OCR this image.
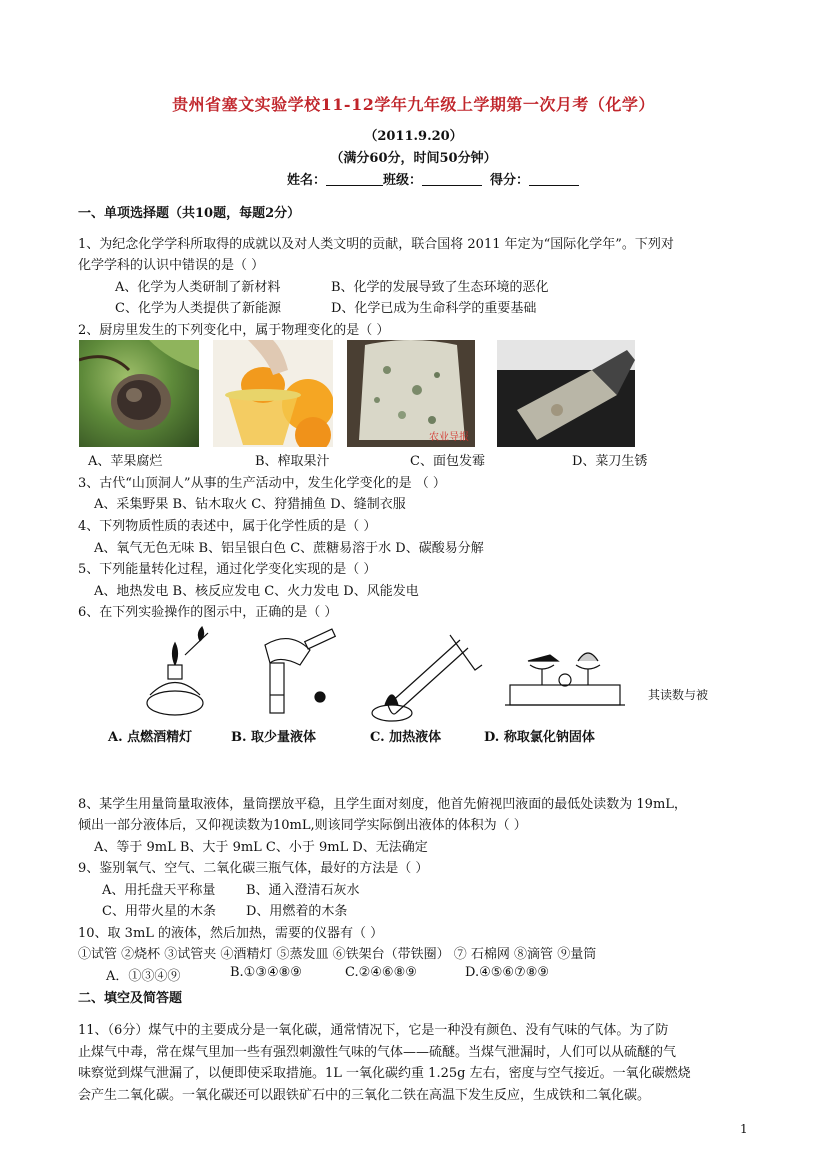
贵州省塞文实验学校11-12学年九年级上学期第一次月考（化学）
（2011.9.20）
（满分60分，时间50分钟）
姓名：	班级：	得分：
一、单项选择题（共10题，每题2分）
1、为纪念化学学科所取得的成就以及对人类文明的贡献，联合国将 2011 年定为“国际化学年”。下列对
化学学科的认识中错误的是（ ）
A、化学为人类研制了新材料	B、化学的发展导致了生态环境的恶化
C、化学为人类提供了新能源	D、化学已成为生命科学的重要基础
2、厨房里发生的下列变化中，属于物理变化的是（ ）
农业导报
A、苹果腐烂	B、榨取果汁	C、面包发霉	D、菜刀生锈
3、古代“山顶洞人”从事的生产活动中，发生化学变化的是 （ ）
A、采集野果 B、钻木取火 C、狩猎捕鱼 D、缝制衣服
4、下列物质性质的表述中，属于化学性质的是（ ）
A、氧气无色无味 B、铝呈银白色 C、蔗糖易溶于水 D、碳酸易分解
5、下列能量转化过程，通过化学变化实现的是（ ）
A、地热发电 B、核反应发电 C、火力发电 D、风能发电
6、在下列实验操作的图示中，正确的是（ ）
其读数与被
A. 点燃酒精灯	B. 取少量液体	C. 加热液体	D. 称取氯化钠固体
8、某学生用量筒量取液体，量筒摆放平稳，且学生面对刻度，他首先俯视凹液面的最低处读数为 19mL，
倾出一部分液体后，又仰视读数为10mL,则该同学实际倒出液体的体积为（ ）
A、等于 9mL B、大于 9mL C、小于 9mL D、无法确定
9、鉴别氧气、空气、二氧化碳三瓶气体，最好的方法是（ ）
A、用托盘天平称量 B、通入澄清石灰水
C、用带火星的木条 D、用燃着的木条
10、取 3mL 的液体，然后加热，需要的仪器有（ ）
①试管 ②烧杯 ③试管夹 ④酒精灯 ⑤蒸发皿 ⑥铁架台（带铁圈） ⑦ 石棉网 ⑧滴管 ⑨量筒
A．①③④⑨	B.①③④⑧⑨	C.②④⑥⑧⑨	D.④⑤⑥⑦⑧⑨
二、填空及简答题
11、（6分）煤气中的主要成分是一氧化碳，通常情况下，它是一种没有颜色、没有气味的气体。为了防
止煤气中毒，常在煤气里加一些有强烈刺激性气味的气体——硫醚。当煤气泄漏时，人们可以从硫醚的气
味察觉到煤气泄漏了，以便即使采取措施。1L 一氧化碳约重 1.25g 左右，密度与空气接近。一氧化碳燃烧
会产生二氧化碳。一氧化碳还可以跟铁矿石中的三氧化二铁在高温下发生反应，生成铁和二氧化碳。
1
